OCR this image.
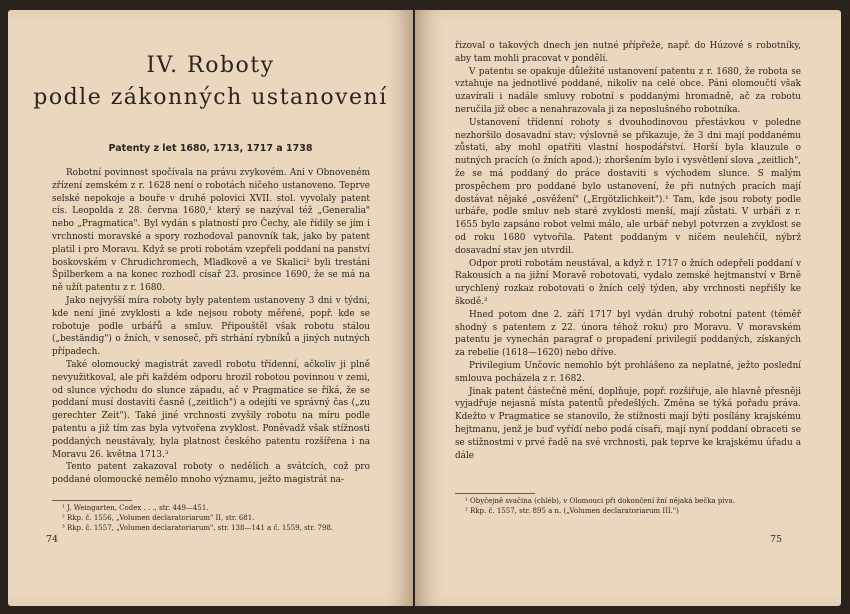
IV. Roboty
podle zákonných ustanovení
Patenty z let 1680, 1713, 1717 a 1738

Robotní povinnost spočívala na právu zvykovém. Ani v Obnoveném zřízení zemském z r. 1628 není o robotách ničeho ustanoveno. Teprve selské nepokoje a bouře v druhé polovici XVII. stol. vyvolaly patent cís. Leopolda z 28. června 1680,¹ který se nazýval též „Generalia" nebo „Pragmatica". Byl vydán s platností pro Čechy, ale řídily se jím i vrchnosti moravské a spory rozhodoval panovník tak, jako by patent platil i pro Moravu. Když se proti robotám vzepřeli poddaní na panství boskovském v Chrudichromech, Mladkově a ve Skalici² byli trestáni Špilberkem a na konec rozhodl císař 23. prosince 1690, že se má na ně užít patentu z r. 1680.

Jako nejvyšší míra roboty byly patentem ustanoveny 3 dni v týdni, kde není jiné zvyklosti a kde nejsou roboty měřené, popř. kde se robotuje podle urbářů a smluv. Připouštěl však robotu stálou („beständig") o žních, v senoseč, při strhání rybníků a jiných nutných případech.

Také olomoucký magistrát zavedl robotu třídenní, ačkoliv ji plně nevyužitkoval, ale při každém odporu hrozil robotou povinnou v zemi, od slunce východu do slunce západu, ač v Pragmatice se říká, že se poddaní musí dostaviti časně („zeitlich") a odejíti ve správný čas („zu gerechter Zeit"). Také jiné vrchnosti zvyšily robotu na míru podle patentu a již tím zas byla vytvořena zvyklost. Poněvadž však stížnosti poddaných neustávaly, byla platnost českého patentu rozšířena i na Moravu 26. května 1713.³

Tento patent zakazoval roboty o nedělích a svátcích, což pro poddané olomoucké nemělo mnoho významu, ježto magistrát na-

¹ J. Weingarten, Codex . . ., str. 449—451.
² Rkp. č. 1556, „Volumen declaratoriarum" II, str. 681.
³ Rkp. č. 1557, „Volumen declaratoriarum", str. 138—141 a č. 1559, str. 798.
74

řizoval o takových dnech jen nutné přípřeže, např. do Húzové s robotníky, aby tam mohli pracovat v pondělí.

V patentu se opakuje důležité ustanovení patentu z r. 1680, že robota se vztahuje na jednotlivé poddané, nikoliv na celé obce. Páni olomoučtí však uzavírali i nadále smluvy robotní s poddanými hromadně, ač za robotu neručila již obec a nenahrazovala ji za neposlušného robotníka.

Ustanovení třídenní roboty s dvouhodinovou přestávkou v poledne nezhoršilo dosavadní stav; výslovně se přikazuje, že 3 dni mají poddanému zůstati, aby mohl opatřiti vlastní hospodářství. Horší byla klauzule o nutných pracích (o žních apod.); zhoršením bylo i vysvětlení slova „zeitlich", že se má poddaný do práce dostaviti s východem slunce. S malým prospěchem pro poddané bylo ustanovení, že při nutných pracích mají dostávat nějaké „osvěžení" („Ergötzlichkeit").¹ Tam, kde jsou roboty podle urbáře, podle smluv neb staré zvyklosti menší, mají zůstati. V urbáři z r. 1655 bylo zapsáno robot velmi málo, ale urbář nebyl potvrzen a zvyklost se od roku 1680 vytvořila. Patent poddaným v ničem neulehčil, nýbrž dosavadní stav jen utvrdil.

Odpor proti robotám neustával, a když r. 1717 o žních odepřeli poddaní v Rakousích a na jižní Moravě robotovati, vydalo zemské hejtmanství v Brně urychlený rozkaz robotovati o žních celý týden, aby vrchnosti nepřišly ke škodě.²

Hned potom dne 2. září 1717 byl vydán druhý robotní patent (téměř shodný s patentem z 22. února téhož roku) pro Moravu. V moravském patentu je vynechán paragraf o propadení privilegií poddaných, získaných za rebelie (1618—1620) nebo dříve.

Privilegium Unčovic nemohlo být prohlášeno za neplatné, ježto poslední smlouva pocházela z r. 1682.

Jinak patent částečně mění, doplňuje, popř. rozšiřuje, ale hlavně přesněji vyjadřuje nejasná místa patentů předešlých. Změna se týká pořadu práva. Kdežto v Pragmatice se stanovilo, že stížnosti mají býti posílány krajskému hejtmanu, jenž je buď vyřídí nebo podá císaři, mají nyní poddaní obraceti se se stížnostmi v prvé řadě na své vrchnosti, pak teprve ke krajskému úřadu a dále

¹ Obyčejně svačina (chléb), v Olomouci při dokončení žní nějaká bečka piva.
² Rkp. č. 1557, str. 895 a n. („Volumen declaratoriarum III.")
75
